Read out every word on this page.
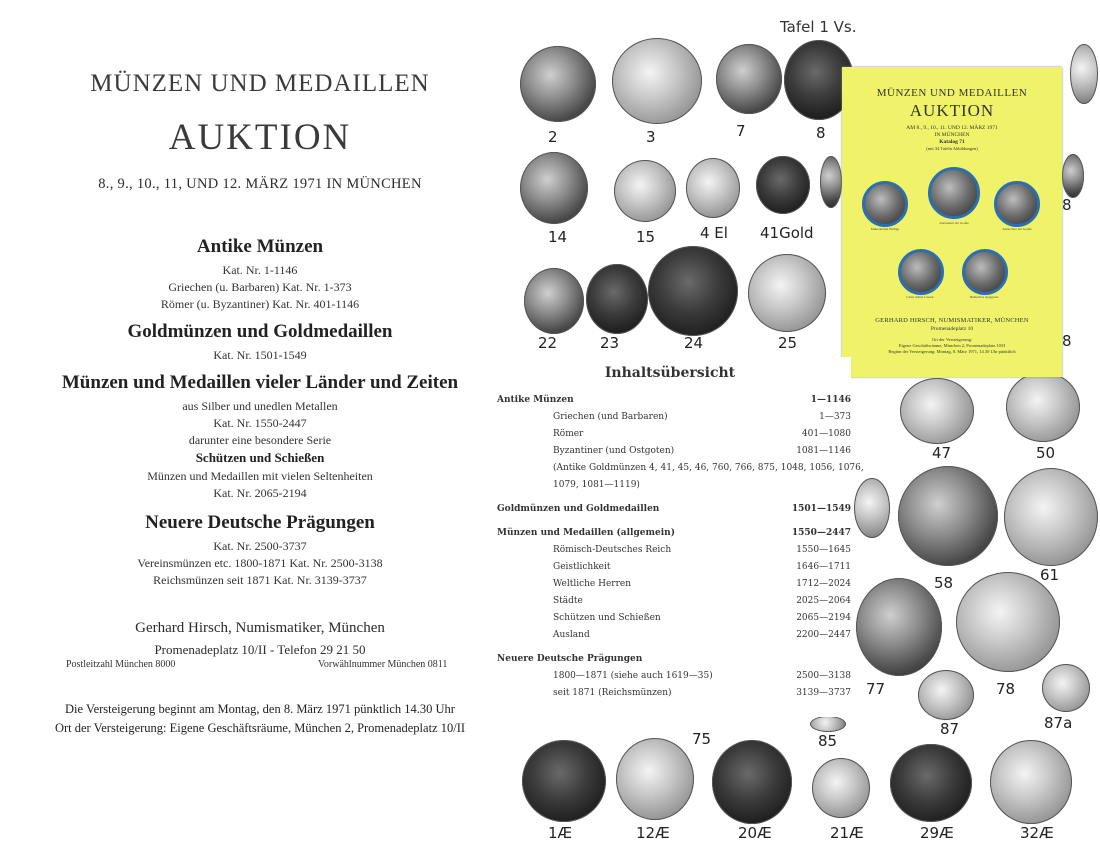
MÜNZEN UND MEDAILLEN
AUKTION
8., 9., 10., 11, UND 12. MÄRZ 1971 IN MÜNCHEN
Antike Münzen
Kat. Nr. 1-1146
Griechen (u. Barbaren) Kat. Nr. 1-373
Römer (u. Byzantiner) Kat. Nr. 401-1146
Goldmünzen und Goldmedaillen
Kat. Nr. 1501-1549
Münzen und Medaillen vieler Länder und Zeiten
aus Silber und unedlen Metallen
Kat. Nr. 1550-2447
darunter eine besondere Serie
Schützen und Schießen
Münzen und Medaillen mit vielen Seltenheiten
Kat. Nr. 2065-2194
Neuere Deutsche Prägungen
Kat. Nr. 2500-3737
Vereinsmünzen etc. 1800-1871 Kat. Nr. 2500-3138
Reichsmünzen seit 1871 Kat. Nr. 3139-3737
Gerhard Hirsch, Numismatiker, München
Promenadeplatz 10/II - Telefon 29 21 50
Postleitzahl München 8000	Vorwählnummer München 0811
Die Versteigerung beginnt am Montag, den 8. März 1971 pünktlich 14.30 Uhr
Ort der Versteigerung: Eigene Geschäftsräume, München 2, Promenadeplatz 10/II
Tafel 1 Vs.
2	3	7	8
14	15	4 El 41Gold
8
22	23	24	25	8
47	50
58	61
77	78
87	87a
75	85
1Æ	12Æ	20Æ	21Æ	29Æ	32Æ
MÜNZEN UND MEDAILLEN
AUKTION
AM 8., 9., 10., 11. UND 12. MÄRZ 1971
IN MÜNCHEN
Katalog 71
(mit 34 Tafeln Abbildungen)
Makedonien Philipp
Alexander der Große
Antiochos der Große
Caius Julius Caesar	Demetrios Aegypten
GERHARD HIRSCH, NUMISMATIKER, MÜNCHEN
Promenadeplatz 10
Ort der Versteigerung:
Eigene Geschäftsräume, München 2, Promenadeplatz 10/II
Beginn der Versteigerung: Montag, 8. März 1971, 14.30 Uhr pünktlich
Inhaltsübersicht
Antike Münzen	1—1146
Griechen (und Barbaren)	1—373
Römer	401—1080
Byzantiner (und Ostgoten)	1081—1146
(Antike Goldmünzen 4, 41, 45, 46, 760, 766, 875, 1048, 1056, 1076,
1079, 1081—1119)
Goldmünzen und Goldmedaillen	1501—1549
Münzen und Medaillen (allgemein)	1550—2447
Römisch-Deutsches Reich	1550—1645
Geistlichkeit	1646—1711
Weltliche Herren	1712—2024
Städte	2025—2064
Schützen und Schießen	2065—2194
Ausland	2200—2447
Neuere Deutsche Prägungen
1800—1871 (siehe auch 1619—35)	2500—3138
seit 1871 (Reichsmünzen)	3139—3737
